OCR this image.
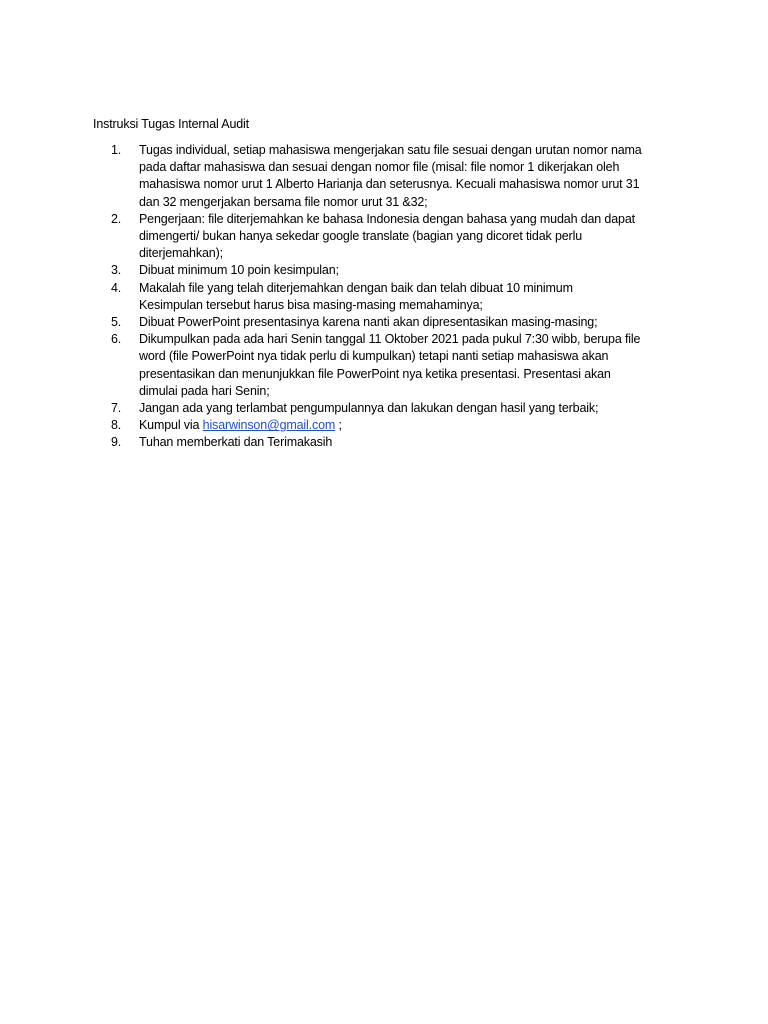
Instruksi Tugas Internal Audit
1.	Tugas individual, setiap mahasiswa mengerjakan satu file sesuai dengan urutan nomor nama
pada daftar mahasiswa dan sesuai dengan nomor file (misal: file nomor 1 dikerjakan oleh
mahasiswa nomor urut 1 Alberto Harianja dan seterusnya. Kecuali mahasiswa nomor urut 31
dan 32 mengerjakan bersama file nomor urut 31 &32;
2.	Pengerjaan: file diterjemahkan ke bahasa Indonesia dengan bahasa yang mudah dan dapat
dimengerti/ bukan hanya sekedar google translate (bagian yang dicoret tidak perlu
diterjemahkan);
3.	Dibuat minimum 10 poin kesimpulan;
4.	Makalah file yang telah diterjemahkan dengan baik dan telah dibuat 10 minimum
Kesimpulan tersebut harus bisa masing-masing memahaminya;
5.	Dibuat PowerPoint presentasinya karena nanti akan dipresentasikan masing-masing;
6.	Dikumpulkan pada ada hari Senin tanggal 11 Oktober 2021 pada pukul 7:30 wibb, berupa file
word (file PowerPoint nya tidak perlu di kumpulkan) tetapi nanti setiap mahasiswa akan
presentasikan dan menunjukkan file PowerPoint nya ketika presentasi. Presentasi akan
dimulai pada hari Senin;
7.	Jangan ada yang terlambat pengumpulannya dan lakukan dengan hasil yang terbaik;
8.	Kumpul via hisarwinson@gmail.com ;
9.	Tuhan memberkati dan Terimakasih
